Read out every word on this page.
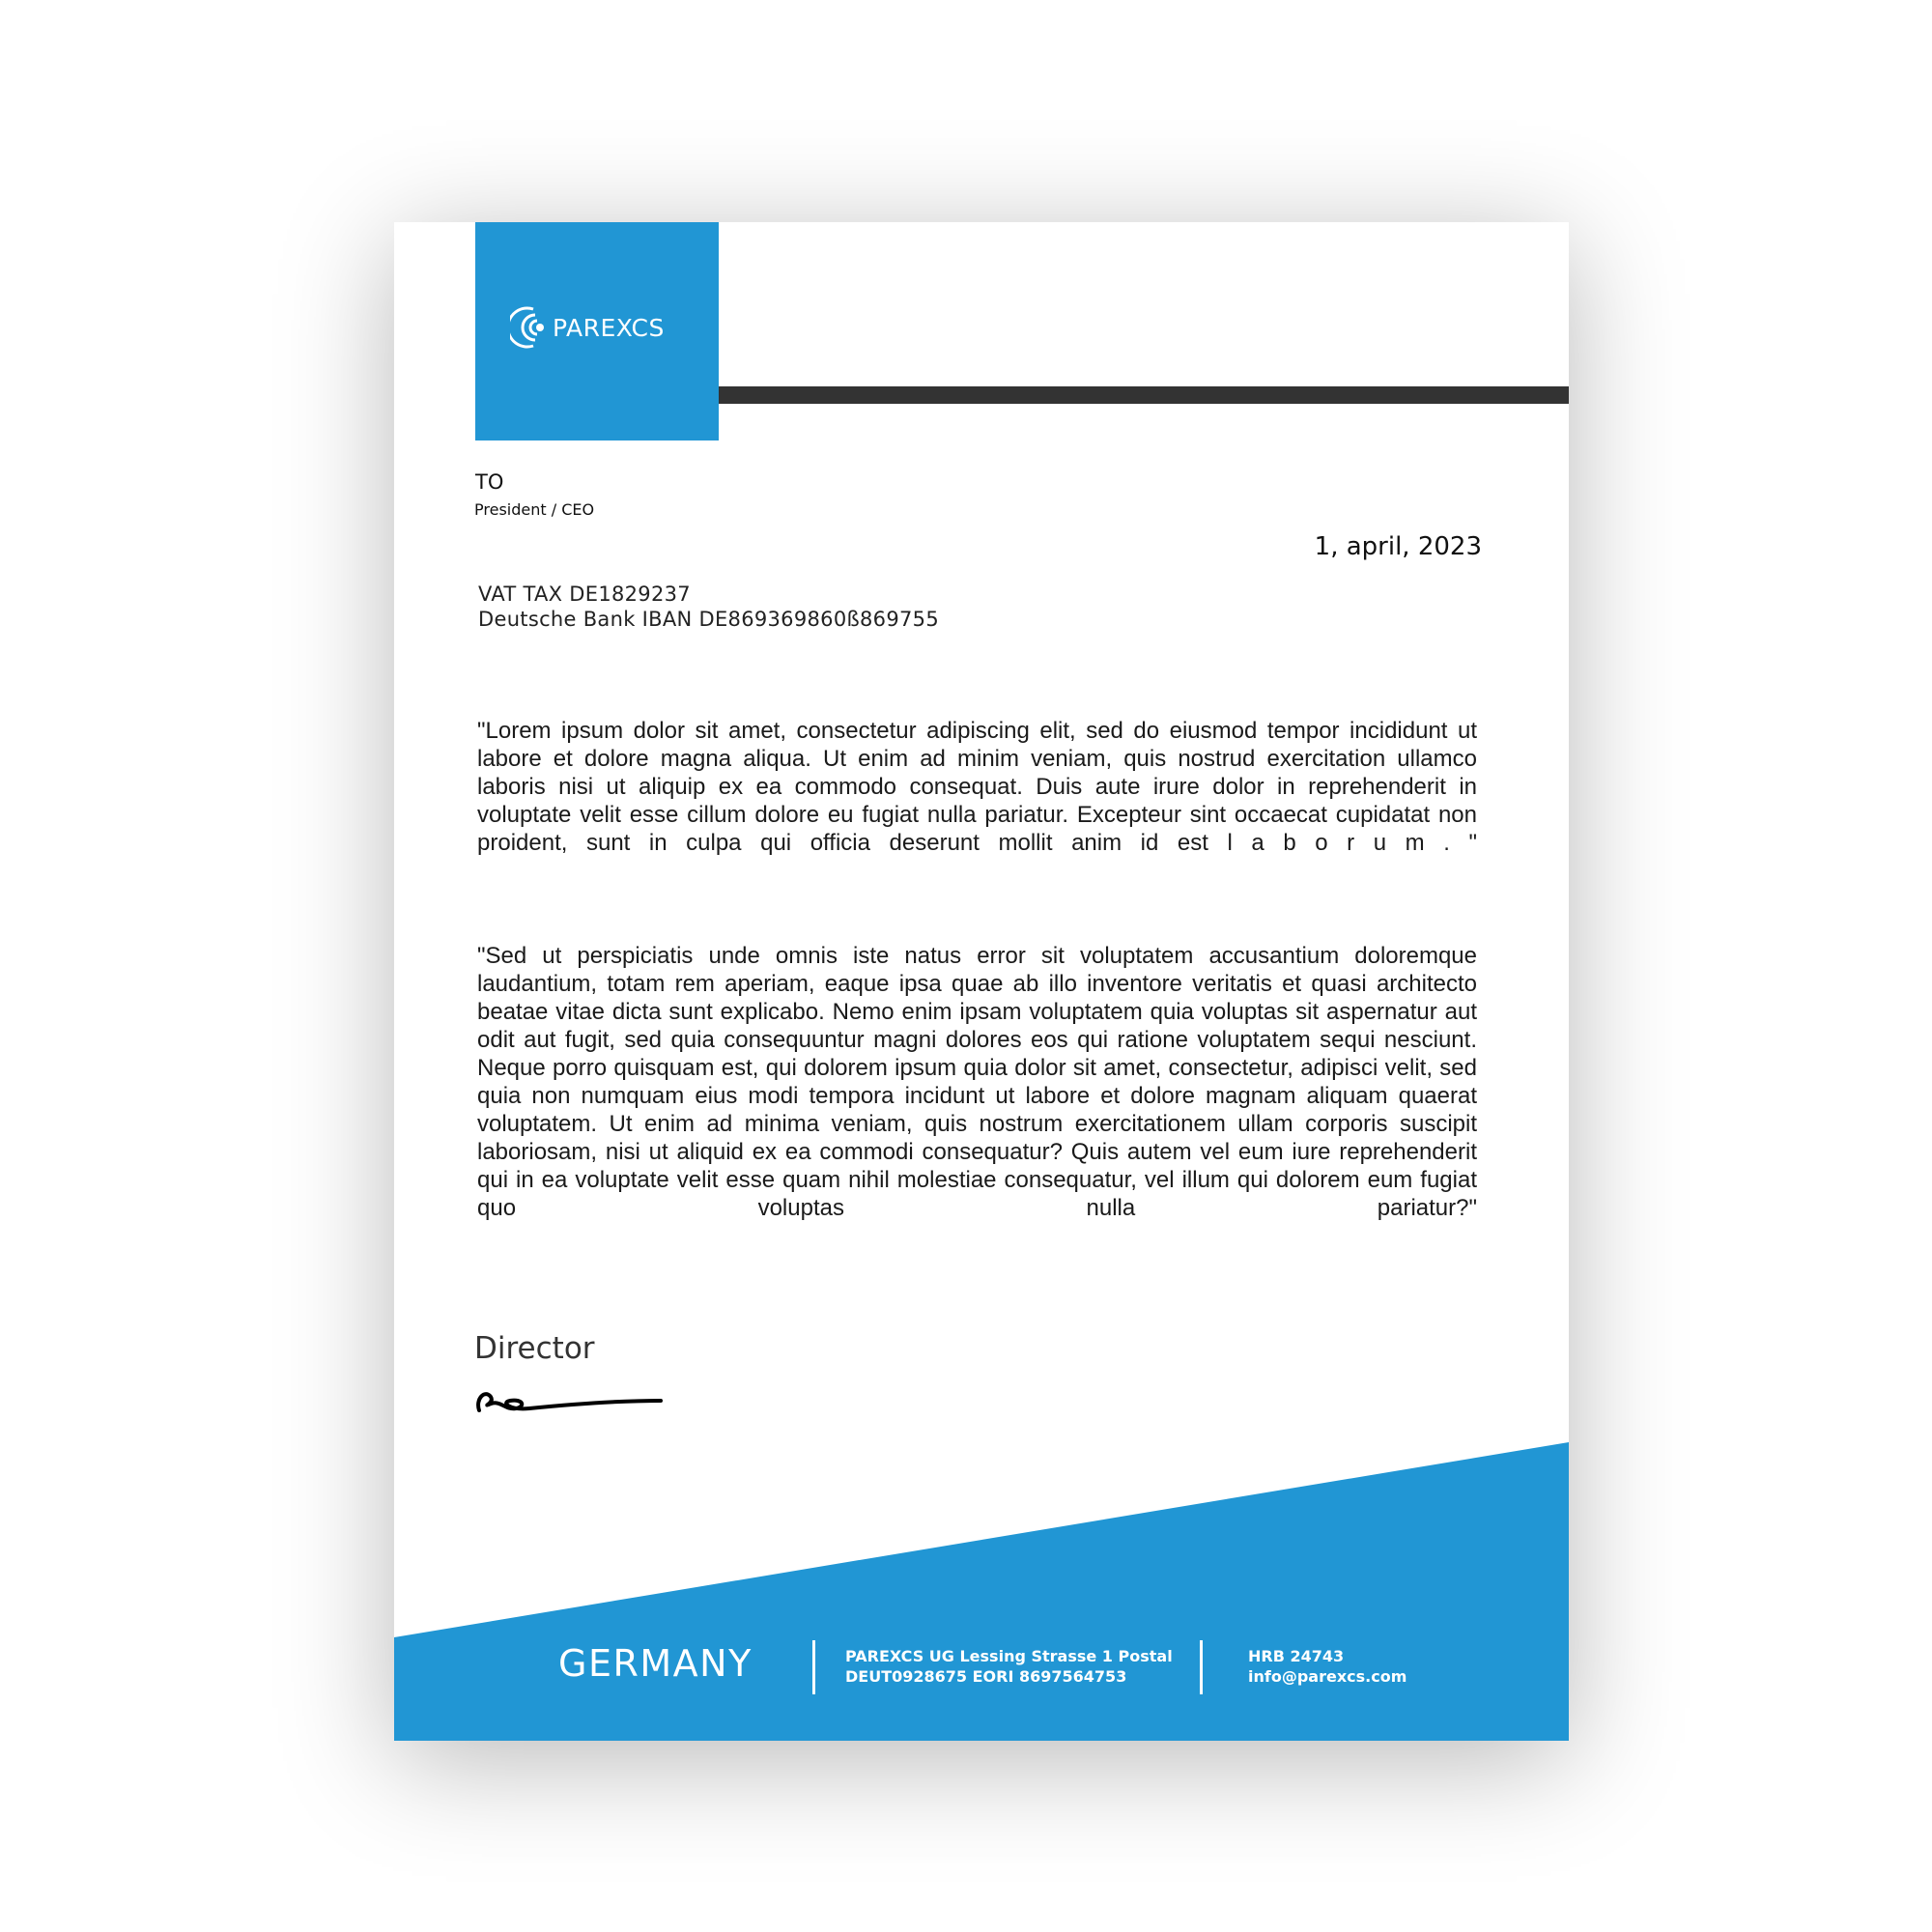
PAREXCS
TO
President / CEO
1, april, 2023
VAT TAX DE1829237
Deutsche Bank IBAN DE869369860ß869755

"Lorem ipsum dolor sit amet, consectetur adipiscing elit, sed do eiusmod tempor incididunt ut labore et dolore magna aliqua. Ut enim ad minim veniam, quis nostrud exercitation ullamco laboris nisi ut aliquip ex ea commodo consequat. Duis aute irure dolor in reprehenderit in voluptate velit esse cillum dolore eu fugiat nulla pariatur. Excepteur sint occaecat cupidatat non proident, sunt in culpa qui officia deserunt mollit anim id est l a b o r u m . "

"Sed ut perspiciatis unde omnis iste natus error sit voluptatem accusantium doloremque laudantium, totam rem aperiam, eaque ipsa quae ab illo inventore veritatis et quasi architecto beatae vitae dicta sunt explicabo. Nemo enim ipsam voluptatem quia voluptas sit aspernatur aut odit aut fugit, sed quia consequuntur magni dolores eos qui ratione voluptatem sequi nesciunt. Neque porro quisquam est, qui dolorem ipsum quia dolor sit amet, consectetur, adipisci velit, sed quia non numquam eius modi tempora incidunt ut labore et dolore magnam aliquam quaerat voluptatem. Ut enim ad minima veniam, quis nostrum exercitationem ullam corporis suscipit laboriosam, nisi ut aliquid ex ea commodi consequatur? Quis autem vel eum iure reprehenderit qui in ea voluptate velit esse quam nihil molestiae consequatur, vel illum qui dolorem eum fugiat quo voluptas nulla pariatur?"

Director
GERMANY	PAREXCS UG Lessing Strasse 1 Postal
DEUT0928675 EORI 8697564753
HRB 24743
info@parexcs.com
